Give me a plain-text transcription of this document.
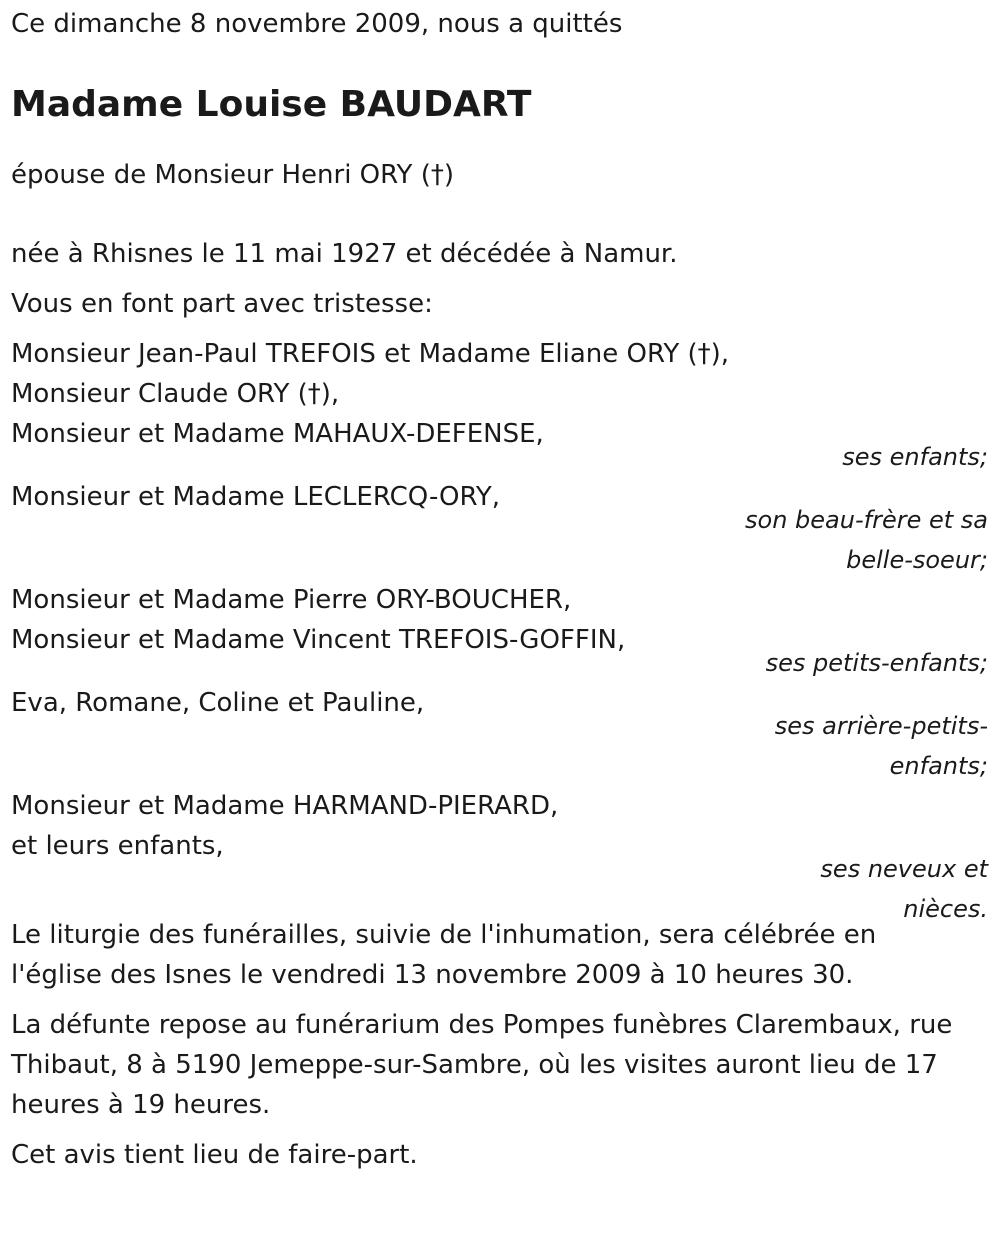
Ce dimanche 8 novembre 2009, nous a quittés

Madame Louise BAUDART

épouse de Monsieur Henri ORY (†)

née à Rhisnes le 11 mai 1927 et décédée à Namur.

Vous en font part avec tristesse:

Monsieur Jean-Paul TREFOIS et Madame Eliane ORY (†),

Monsieur Claude ORY (†),

Monsieur et Madame MAHAUX-DEFENSE,

ses enfants;

Monsieur et Madame LECLERCQ-ORY,

son beau-frère et sa belle-soeur;

Monsieur et Madame Pierre ORY-BOUCHER,

Monsieur et Madame Vincent TREFOIS-GOFFIN,

ses petits-enfants;

Eva, Romane, Coline et Pauline,

ses arrière-petits-enfants;

Monsieur et Madame HARMAND-PIERARD,

et leurs enfants,

ses neveux et nièces.

Le liturgie des funérailles, suivie de l'inhumation, sera célébrée en l'église des Isnes le vendredi 13 novembre 2009 à 10 heures 30.

La défunte repose au funérarium des Pompes funèbres Clarembaux, rue Thibaut, 8 à 5190 Jemeppe-sur-Sambre, où les visites auront lieu de 17 heures à 19 heures.

Cet avis tient lieu de faire-part.
